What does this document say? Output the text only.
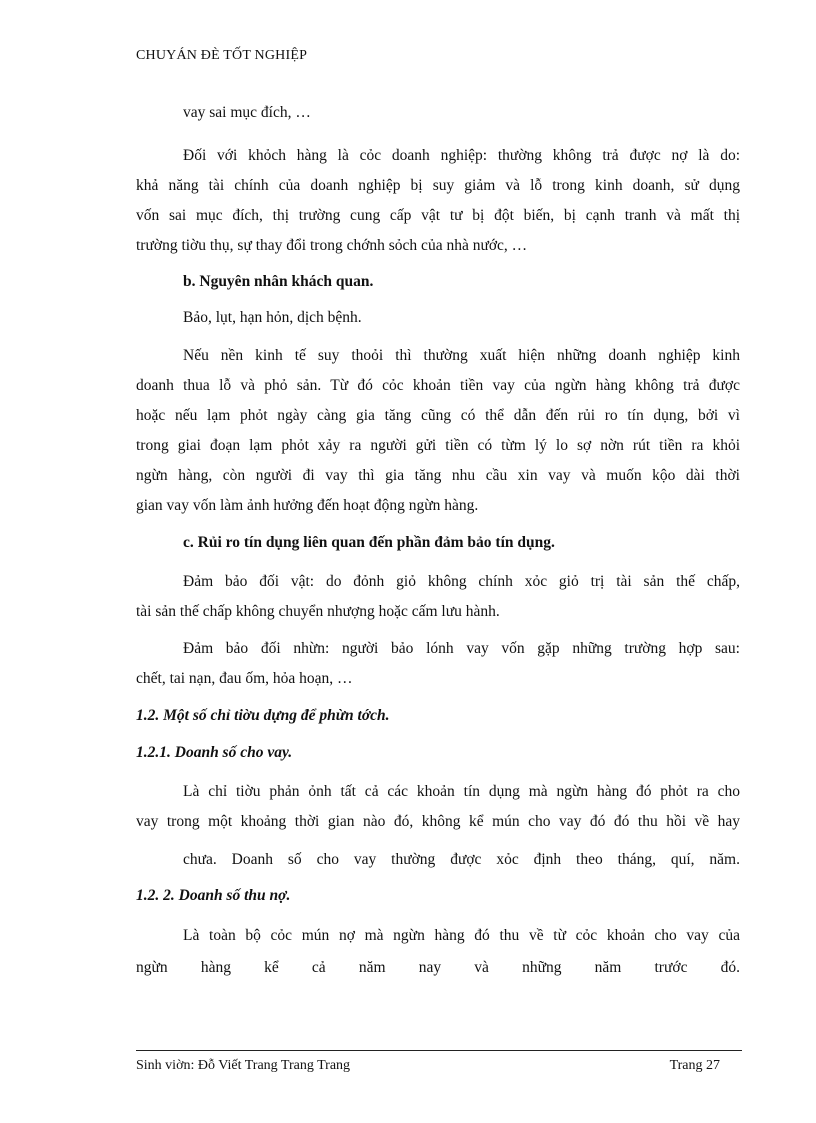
CHUYÁN ĐÈ TỐT NGHIỆP
vay sai mục đích, …
Đối với khỏch hàng là cỏc doanh nghiệp: thường không trả được nợ là do:
khả năng tài chính của doanh nghiệp bị suy giảm và lỗ trong kinh doanh, sử dụng
vốn sai mục đích, thị trường cung cấp vật tư bị đột biến, bị cạnh tranh và mất thị
trường tiờu thụ, sự thay đổi trong chớnh sỏch của nhà nước, …
b. Nguyên nhân khách quan.
Bảo, lụt, hạn hỏn, dịch bệnh.
Nếu nền kinh tế suy thoỏi thì thường xuất hiện những doanh nghiệp kinh
doanh thua lỗ và phỏ sản. Từ đó cỏc khoản tiền vay của ngừn hàng không trả được
hoặc nếu lạm phỏt ngày càng gia tăng cũng có thể dẫn đến rủi ro tín dụng, bởi vì
trong giai đoạn lạm phỏt xảy ra người gửi tiền có từm lý lo sợ nờn rút tiền ra khỏi
ngừn hàng, còn người đi vay thì gia tăng nhu cầu xin vay và muốn kộo dài thời
gian vay vốn làm ảnh hưởng đến hoạt động ngừn hàng.
c. Rủi ro tín dụng liên quan đến phần đảm bảo tín dụng.
Đảm bảo đối vật: do đỏnh giỏ không chính xỏc giỏ trị tài sản thế chấp,
tài sản thế chấp không chuyển nhượng hoặc cấm lưu hành.
Đảm bảo đối nhừn: người bảo lónh vay vốn gặp những trường hợp sau:
chết, tai nạn, đau ốm, hỏa hoạn, …
1.2. Một số chỉ tiờu dựng để phừn tớch.
1.2.1. Doanh số cho vay.
Là chỉ tiờu phản ỏnh tất cả các khoản tín dụng mà ngừn hàng đó phỏt ra cho
vay trong một khoảng thời gian nào đó, không kể mún cho vay đó đó thu hồi về hay
chưa. Doanh số cho vay thường được xỏc định theo tháng, quí, năm.
1.2. 2. Doanh số thu nợ.
Là toàn bộ cỏc mún nợ mà ngừn hàng đó thu về từ cỏc khoản cho vay của
ngừn hàng kể cả năm nay và những năm trước đó.
Sinh viờn: Đỗ Viết Trang Trang Trang	Trang 27
